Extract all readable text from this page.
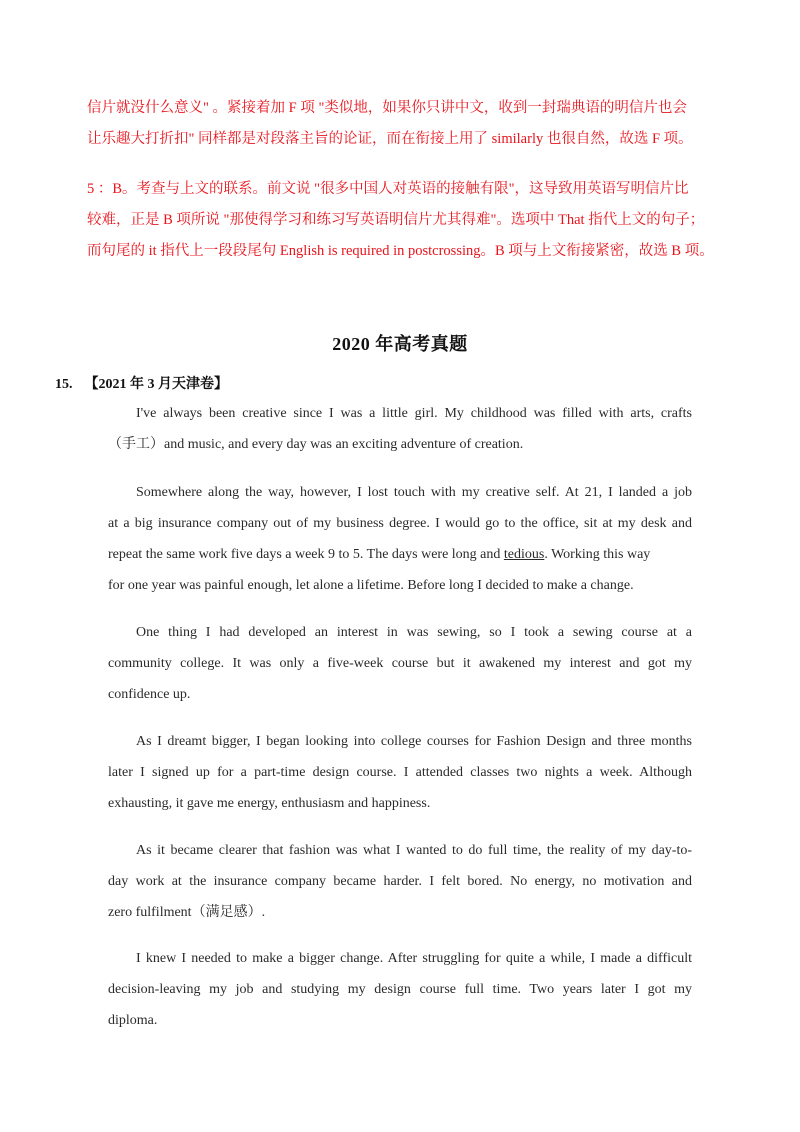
信片就没什么意义" 。紧接着加 F 项 "类似地，如果你只讲中文，收到一封瑞典语的明信片也会

让乐趣大打折扣" 同样都是对段落主旨的论证，而在衔接上用了 similarly 也很自然，故选 F 项。

5 ：B。考查与上文的联系。前文说 "很多中国人对英语的接触有限"，这导致用英语写明信片比

较难，正是 B 项所说 "那使得学习和练习写英语明信片尤其得难"。选项中 That 指代上文的句子；

而句尾的 it 指代上一段段尾句 English is required in postcrossing。B 项与上文衔接紧密，故选 B 项。

2020 年高考真题
15. 【2021 年 3 月天津卷】
I've always been creative since I was a little girl. My childhood was filled with arts, crafts
（手工）and music, and every day was an exciting adventure of creation.
Somewhere along the way, however, I lost touch with my creative self. At 21, I landed a job
at a big insurance company out of my business degree. I would go to the office, sit at my desk and
repeat the same work five days a week 9 to 5. The days were long and tedious. Working this way
for one year was painful enough, let alone a lifetime. Before long I decided to make a change.
One thing I had developed an interest in was sewing, so I took a sewing course at a
community college. It was only a five-week course but it awakened my interest and got my
confidence up.
As I dreamt bigger, I began looking into college courses for Fashion Design and three months
later I signed up for a part-time design course. I attended classes two nights a week. Although
exhausting, it gave me energy, enthusiasm and happiness.
As it became clearer that fashion was what I wanted to do full time, the reality of my day-to-
day work at the insurance company became harder. I felt bored. No energy, no motivation and
zero fulfilment（满足感）.
I knew I needed to make a bigger change. After struggling for quite a while, I made a difficult
decision-leaving my job and studying my design course full time. Two years later I got my
diploma.
